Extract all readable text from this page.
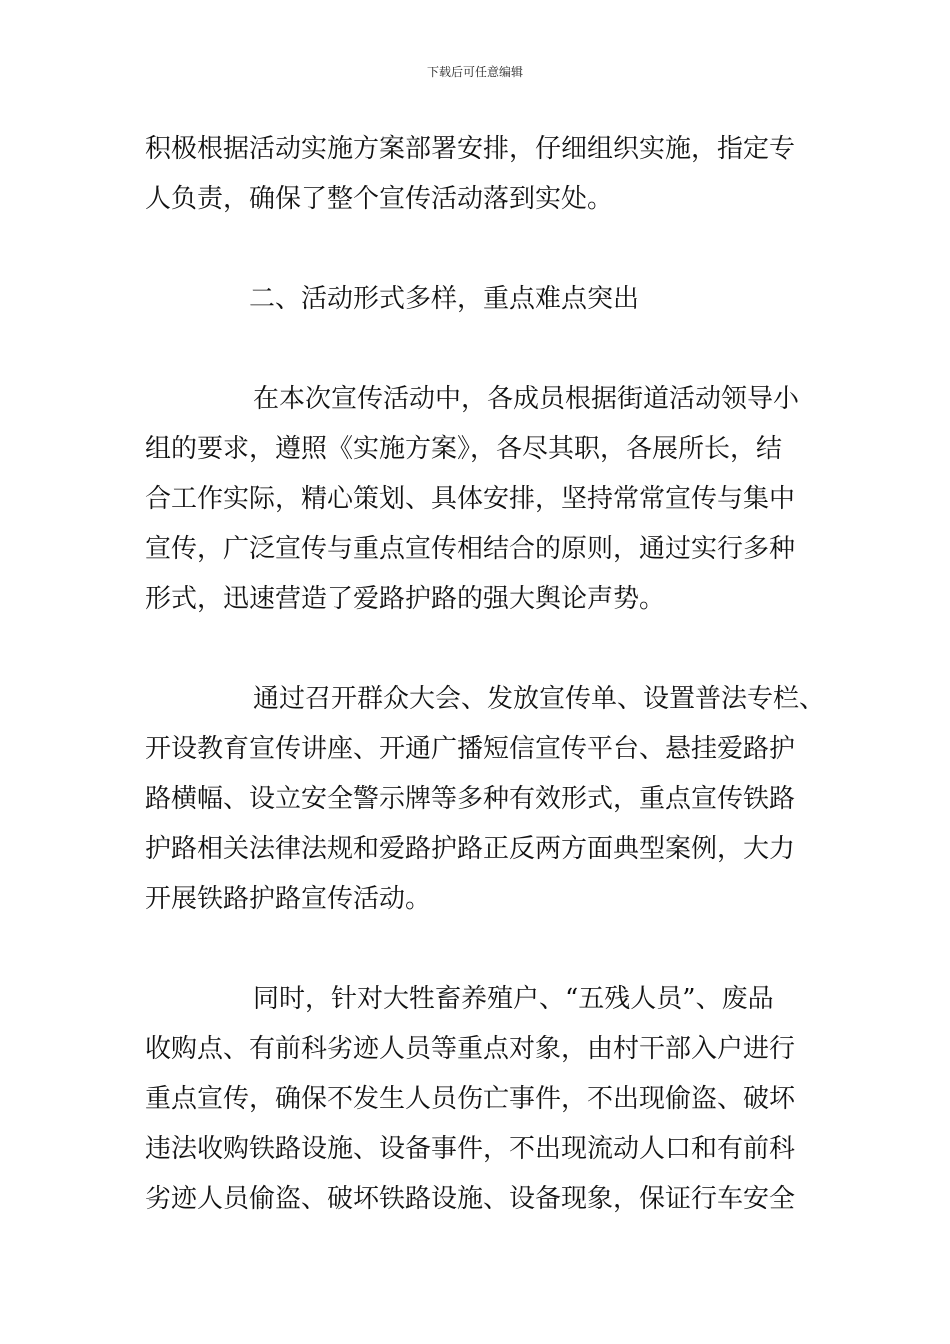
下载后可任意编辑
积极根据活动实施方案部署安排，仔细组织实施，指定专
人负责，确保了整个宣传活动落到实处。
二、活动形式多样，重点难点突出
在本次宣传活动中，各成员根据街道活动领导小
组的要求，遵照《实施方案》，各尽其职，各展所长，结
合工作实际，精心策划、具体安排，坚持常常宣传与集中
宣传，广泛宣传与重点宣传相结合的原则，通过实行多种
形式，迅速营造了爱路护路的强大舆论声势。
通过召开群众大会、发放宣传单、设置普法专栏、
开设教育宣传讲座、开通广播短信宣传平台、悬挂爱路护
路横幅、设立安全警示牌等多种有效形式，重点宣传铁路
护路相关法律法规和爱路护路正反两方面典型案例，大力
开展铁路护路宣传活动。
同时，针对大牲畜养殖户、“五残人员”、废品
收购点、有前科劣迹人员等重点对象，由村干部入户进行
重点宣传，确保不发生人员伤亡事件，不出现偷盗、破坏
违法收购铁路设施、设备事件，不出现流动人口和有前科
劣迹人员偷盗、破坏铁路设施、设备现象，保证行车安全
